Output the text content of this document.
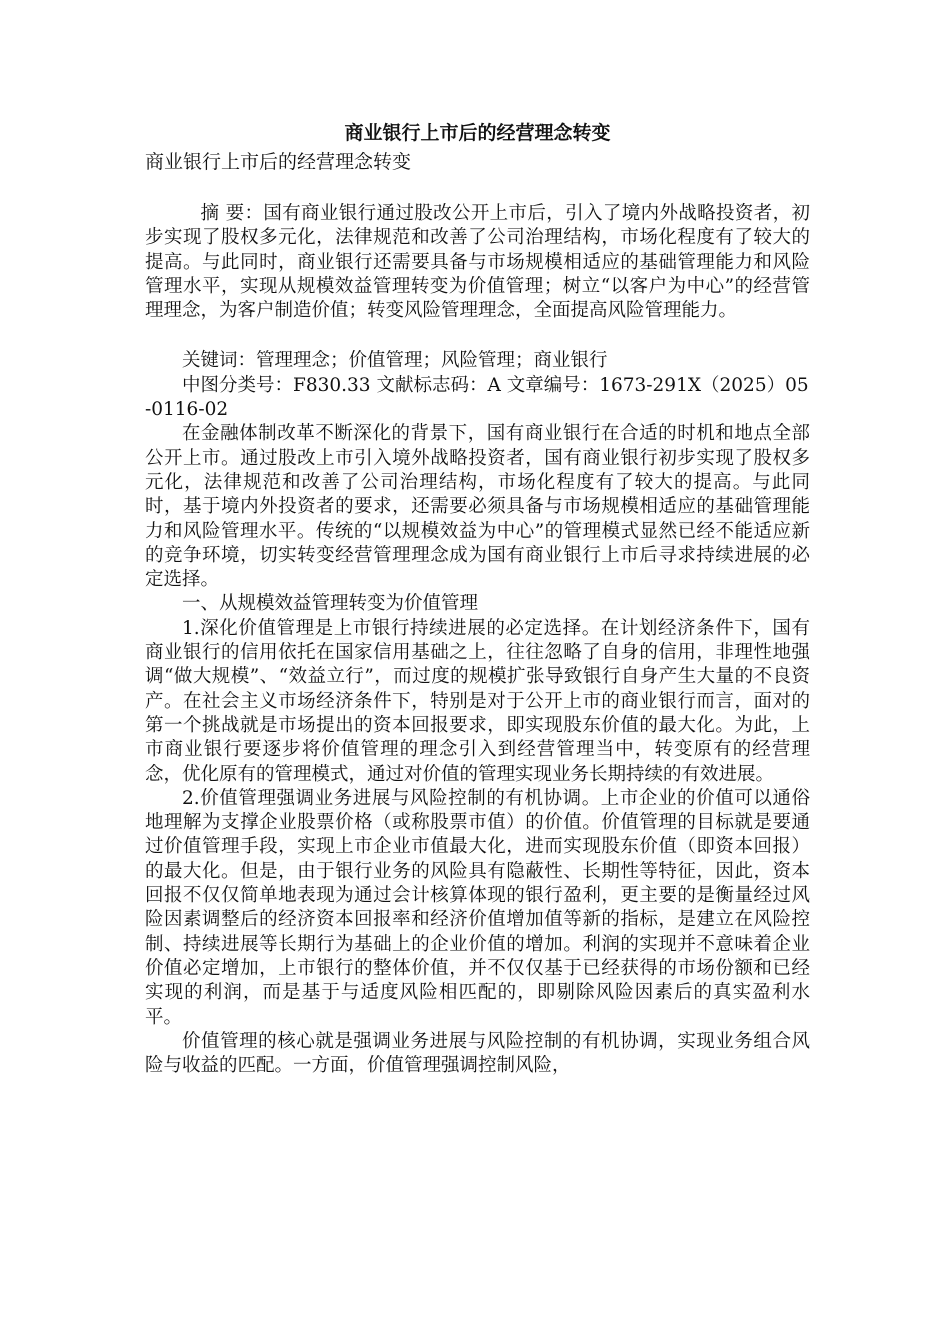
商业银行上市后的经营理念转变

商业银行上市后的经营理念转变

摘 要：国有商业银行通过股改公开上市后，引入了境内外战略投资者，初步实现了股权多元化，法律规范和改善了公司治理结构，市场化程度有了较大的提高。与此同时，商业银行还需要具备与市场规模相适应的基础管理能力和风险管理水平，实现从规模效益管理转变为价值管理；树立“以客户为中心”的经营管理理念，为客户制造价值；转变风险管理理念，全面提高风险管理能力。

关键词：管理理念；价值管理；风险管理；商业银行

中图分类号：F830.33 文献标志码：A 文章编号：1673-291X（2025）05-0116-02

在金融体制改革不断深化的背景下，国有商业银行在合适的时机和地点全部公开上市。通过股改上市引入境外战略投资者，国有商业银行初步实现了股权多元化，法律规范和改善了公司治理结构，市场化程度有了较大的提高。与此同时，基于境内外投资者的要求，还需要必须具备与市场规模相适应的基础管理能力和风险管理水平。传统的“以规模效益为中心”的管理模式显然已经不能适应新的竞争环境，切实转变经营管理理念成为国有商业银行上市后寻求持续进展的必定选择。

一、从规模效益管理转变为价值管理

1.深化价值管理是上市银行持续进展的必定选择。在计划经济条件下，国有商业银行的信用依托在国家信用基础之上，往往忽略了自身的信用，非理性地强调“做大规模”、“效益立行”，而过度的规模扩张导致银行自身产生大量的不良资产。在社会主义市场经济条件下，特别是对于公开上市的商业银行而言，面对的第一个挑战就是市场提出的资本回报要求，即实现股东价值的最大化。为此，上市商业银行要逐步将价值管理的理念引入到经营管理当中，转变原有的经营理念，优化原有的管理模式，通过对价值的管理实现业务长期持续的有效进展。

2.价值管理强调业务进展与风险控制的有机协调。上市企业的价值可以通俗地理解为支撑企业股票价格（或称股票市值）的价值。价值管理的目标就是要通过价值管理手段，实现上市企业市值最大化，进而实现股东价值（即资本回报）的最大化。但是，由于银行业务的风险具有隐蔽性、长期性等特征，因此，资本回报不仅仅简单地表现为通过会计核算体现的银行盈利，更主要的是衡量经过风险因素调整后的经济资本回报率和经济价值增加值等新的指标，是建立在风险控制、持续进展等长期行为基础上的企业价值的增加。利润的实现并不意味着企业价值必定增加，上市银行的整体价值，并不仅仅基于已经获得的市场份额和已经实现的利润，而是基于与适度风险相匹配的，即剔除风险因素后的真实盈利水平。

价值管理的核心就是强调业务进展与风险控制的有机协调，实现业务组合风险与收益的匹配。一方面，价值管理强调控制风险，
